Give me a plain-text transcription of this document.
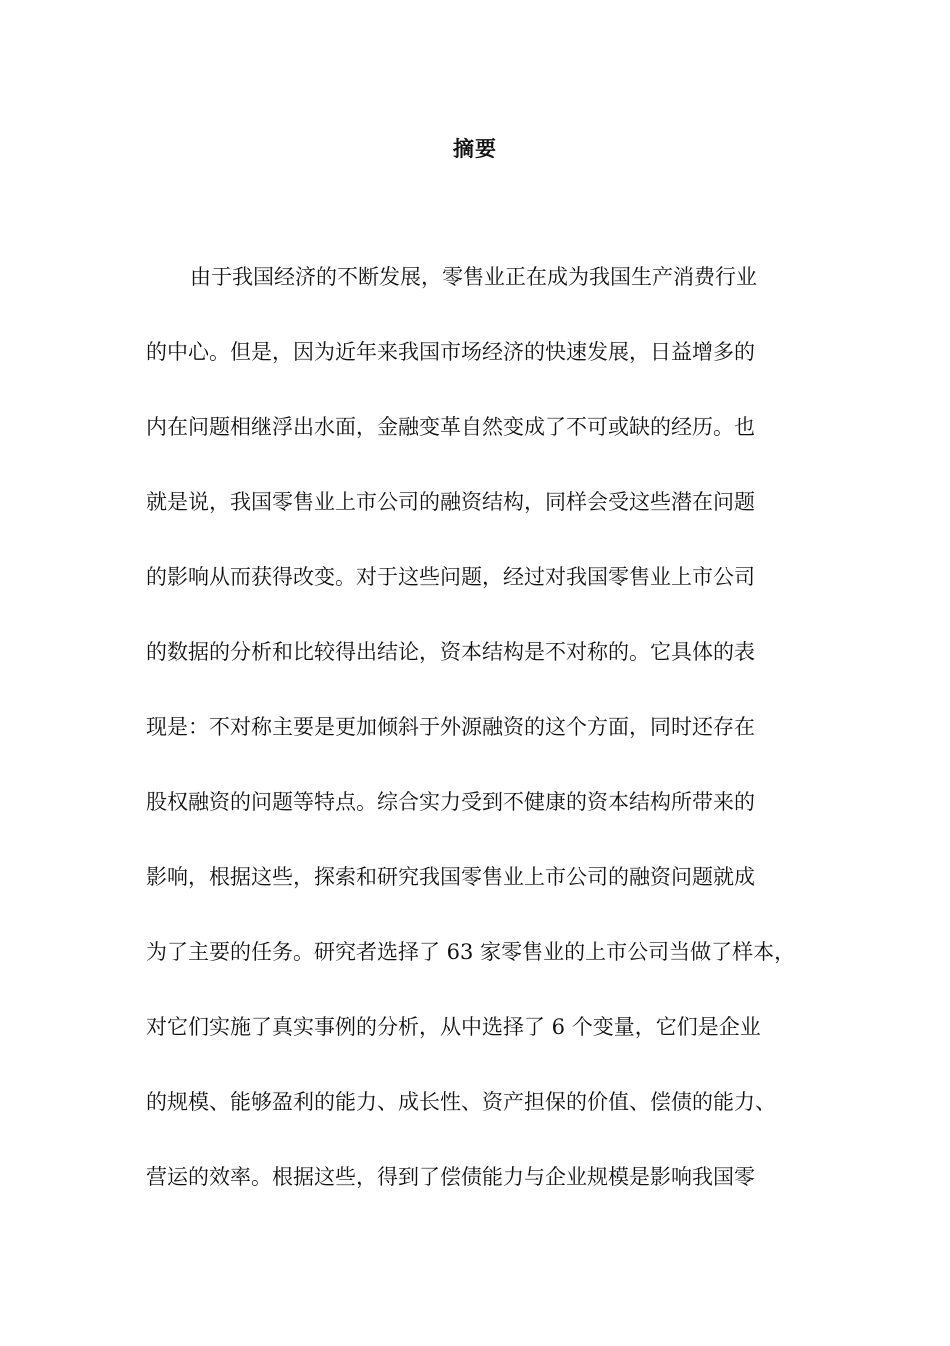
摘要
由于我国经济的不断发展，零售业正在成为我国生产消费行业
的中心。但是，因为近年来我国市场经济的快速发展，日益增多的
内在问题相继浮出水面，金融变革自然变成了不可或缺的经历。也
就是说，我国零售业上市公司的融资结构，同样会受这些潜在问题
的影响从而获得改变。对于这些问题，经过对我国零售业上市公司
的数据的分析和比较得出结论，资本结构是不对称的。它具体的表
现是：不对称主要是更加倾斜于外源融资的这个方面，同时还存在
股权融资的问题等特点。综合实力受到不健康的资本结构所带来的
影响，根据这些，探索和研究我国零售业上市公司的融资问题就成
为了主要的任务。研究者选择了 63 家零售业的上市公司当做了样本，
对它们实施了真实事例的分析，从中选择了 6 个变量，它们是企业
的规模、能够盈利的能力、成长性、资产担保的价值、偿债的能力、
营运的效率。根据这些，得到了偿债能力与企业规模是影响我国零
